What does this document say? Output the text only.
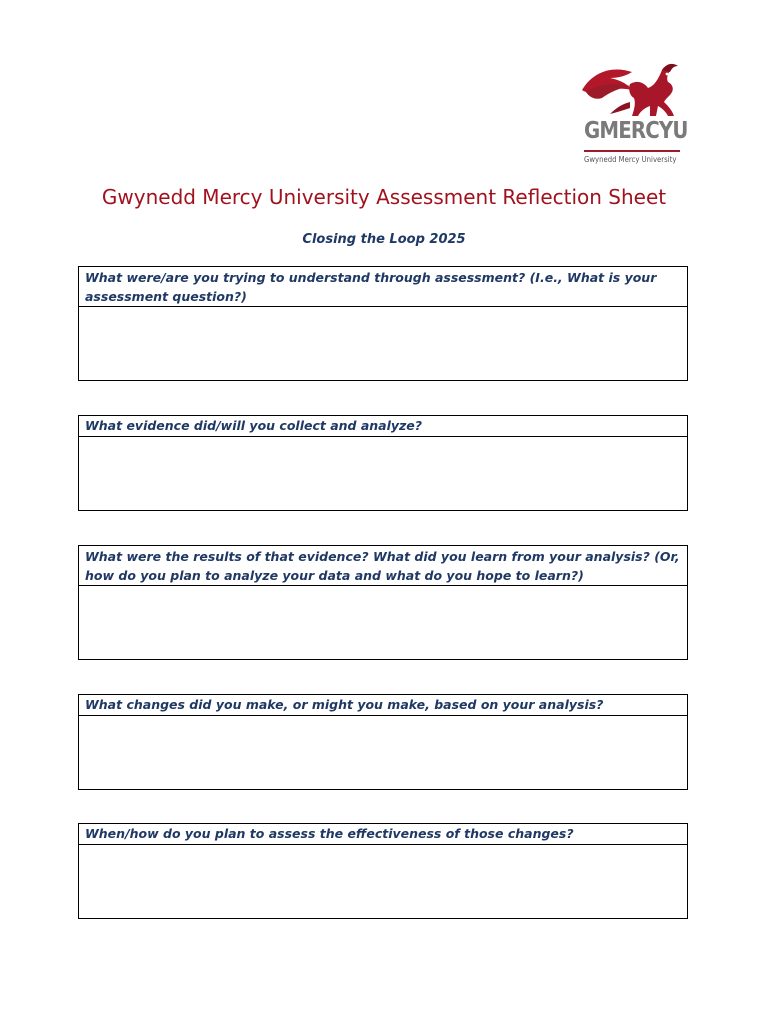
GMERCYU
Gwynedd Mercy University
Gwynedd Mercy University Assessment Reflection Sheet
Closing the Loop 2025
What were/are you trying to understand through assessment? (I.e., What is your assessment question?)
What evidence did/will you collect and analyze?
What were the results of that evidence? What did you learn from your analysis? (Or, how do you plan to analyze your data and what do you hope to learn?)
What changes did you make, or might you make, based on your analysis?
When/how do you plan to assess the effectiveness of those changes?
